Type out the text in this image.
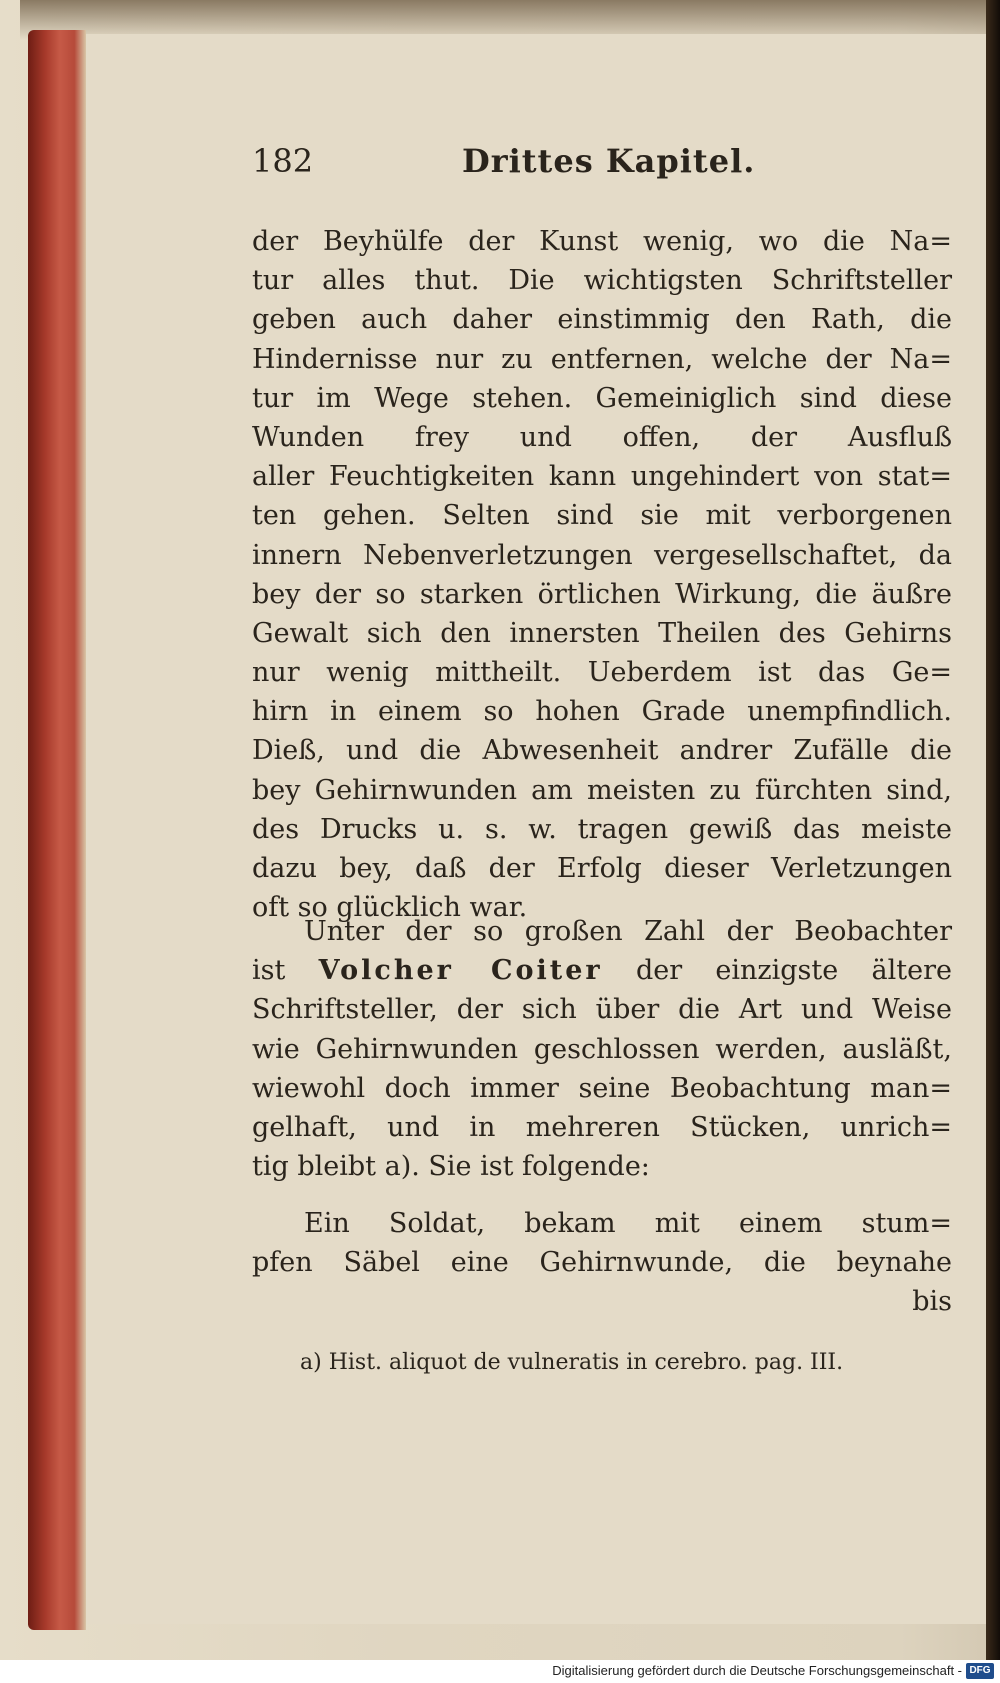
182	Drittes Kapitel.
der Beyhülfe der Kunst wenig, wo die Na=
tur alles thut. Die wichtigsten Schriftsteller
geben auch daher einstimmig den Rath, die
Hindernisse nur zu entfernen, welche der Na=
tur im Wege stehen. Gemeiniglich sind diese
Wunden frey und offen, der Ausfluß
aller Feuchtigkeiten kann ungehindert von stat=
ten gehen. Selten sind sie mit verborgenen
innern Nebenverletzungen vergesellschaftet, da
bey der so starken örtlichen Wirkung, die äußre
Gewalt sich den innersten Theilen des Gehirns
nur wenig mittheilt. Ueberdem ist das Ge=
hirn in einem so hohen Grade unempfindlich.
Dieß, und die Abwesenheit andrer Zufälle die
bey Gehirnwunden am meisten zu fürchten sind,
des Drucks u. s. w. tragen gewiß das meiste
dazu bey, daß der Erfolg dieser Verletzungen
oft so glücklich war.
Unter der so großen Zahl der Beobachter
ist Volcher Coiter der einzigste ältere
Schriftsteller, der sich über die Art und Weise
wie Gehirnwunden geschlossen werden, ausläßt,
wiewohl doch immer seine Beobachtung man=
gelhaft, und in mehreren Stücken, unrich=
tig bleibt a). Sie ist folgende:
Ein Soldat, bekam mit einem stum=
pfen Säbel eine Gehirnwunde, die beynahe
bis
a) Hist. aliquot de vulneratis in cerebro. pag. III.
Digitalisierung gefördert durch die Deutsche Forschungsgemeinschaft - DFG
